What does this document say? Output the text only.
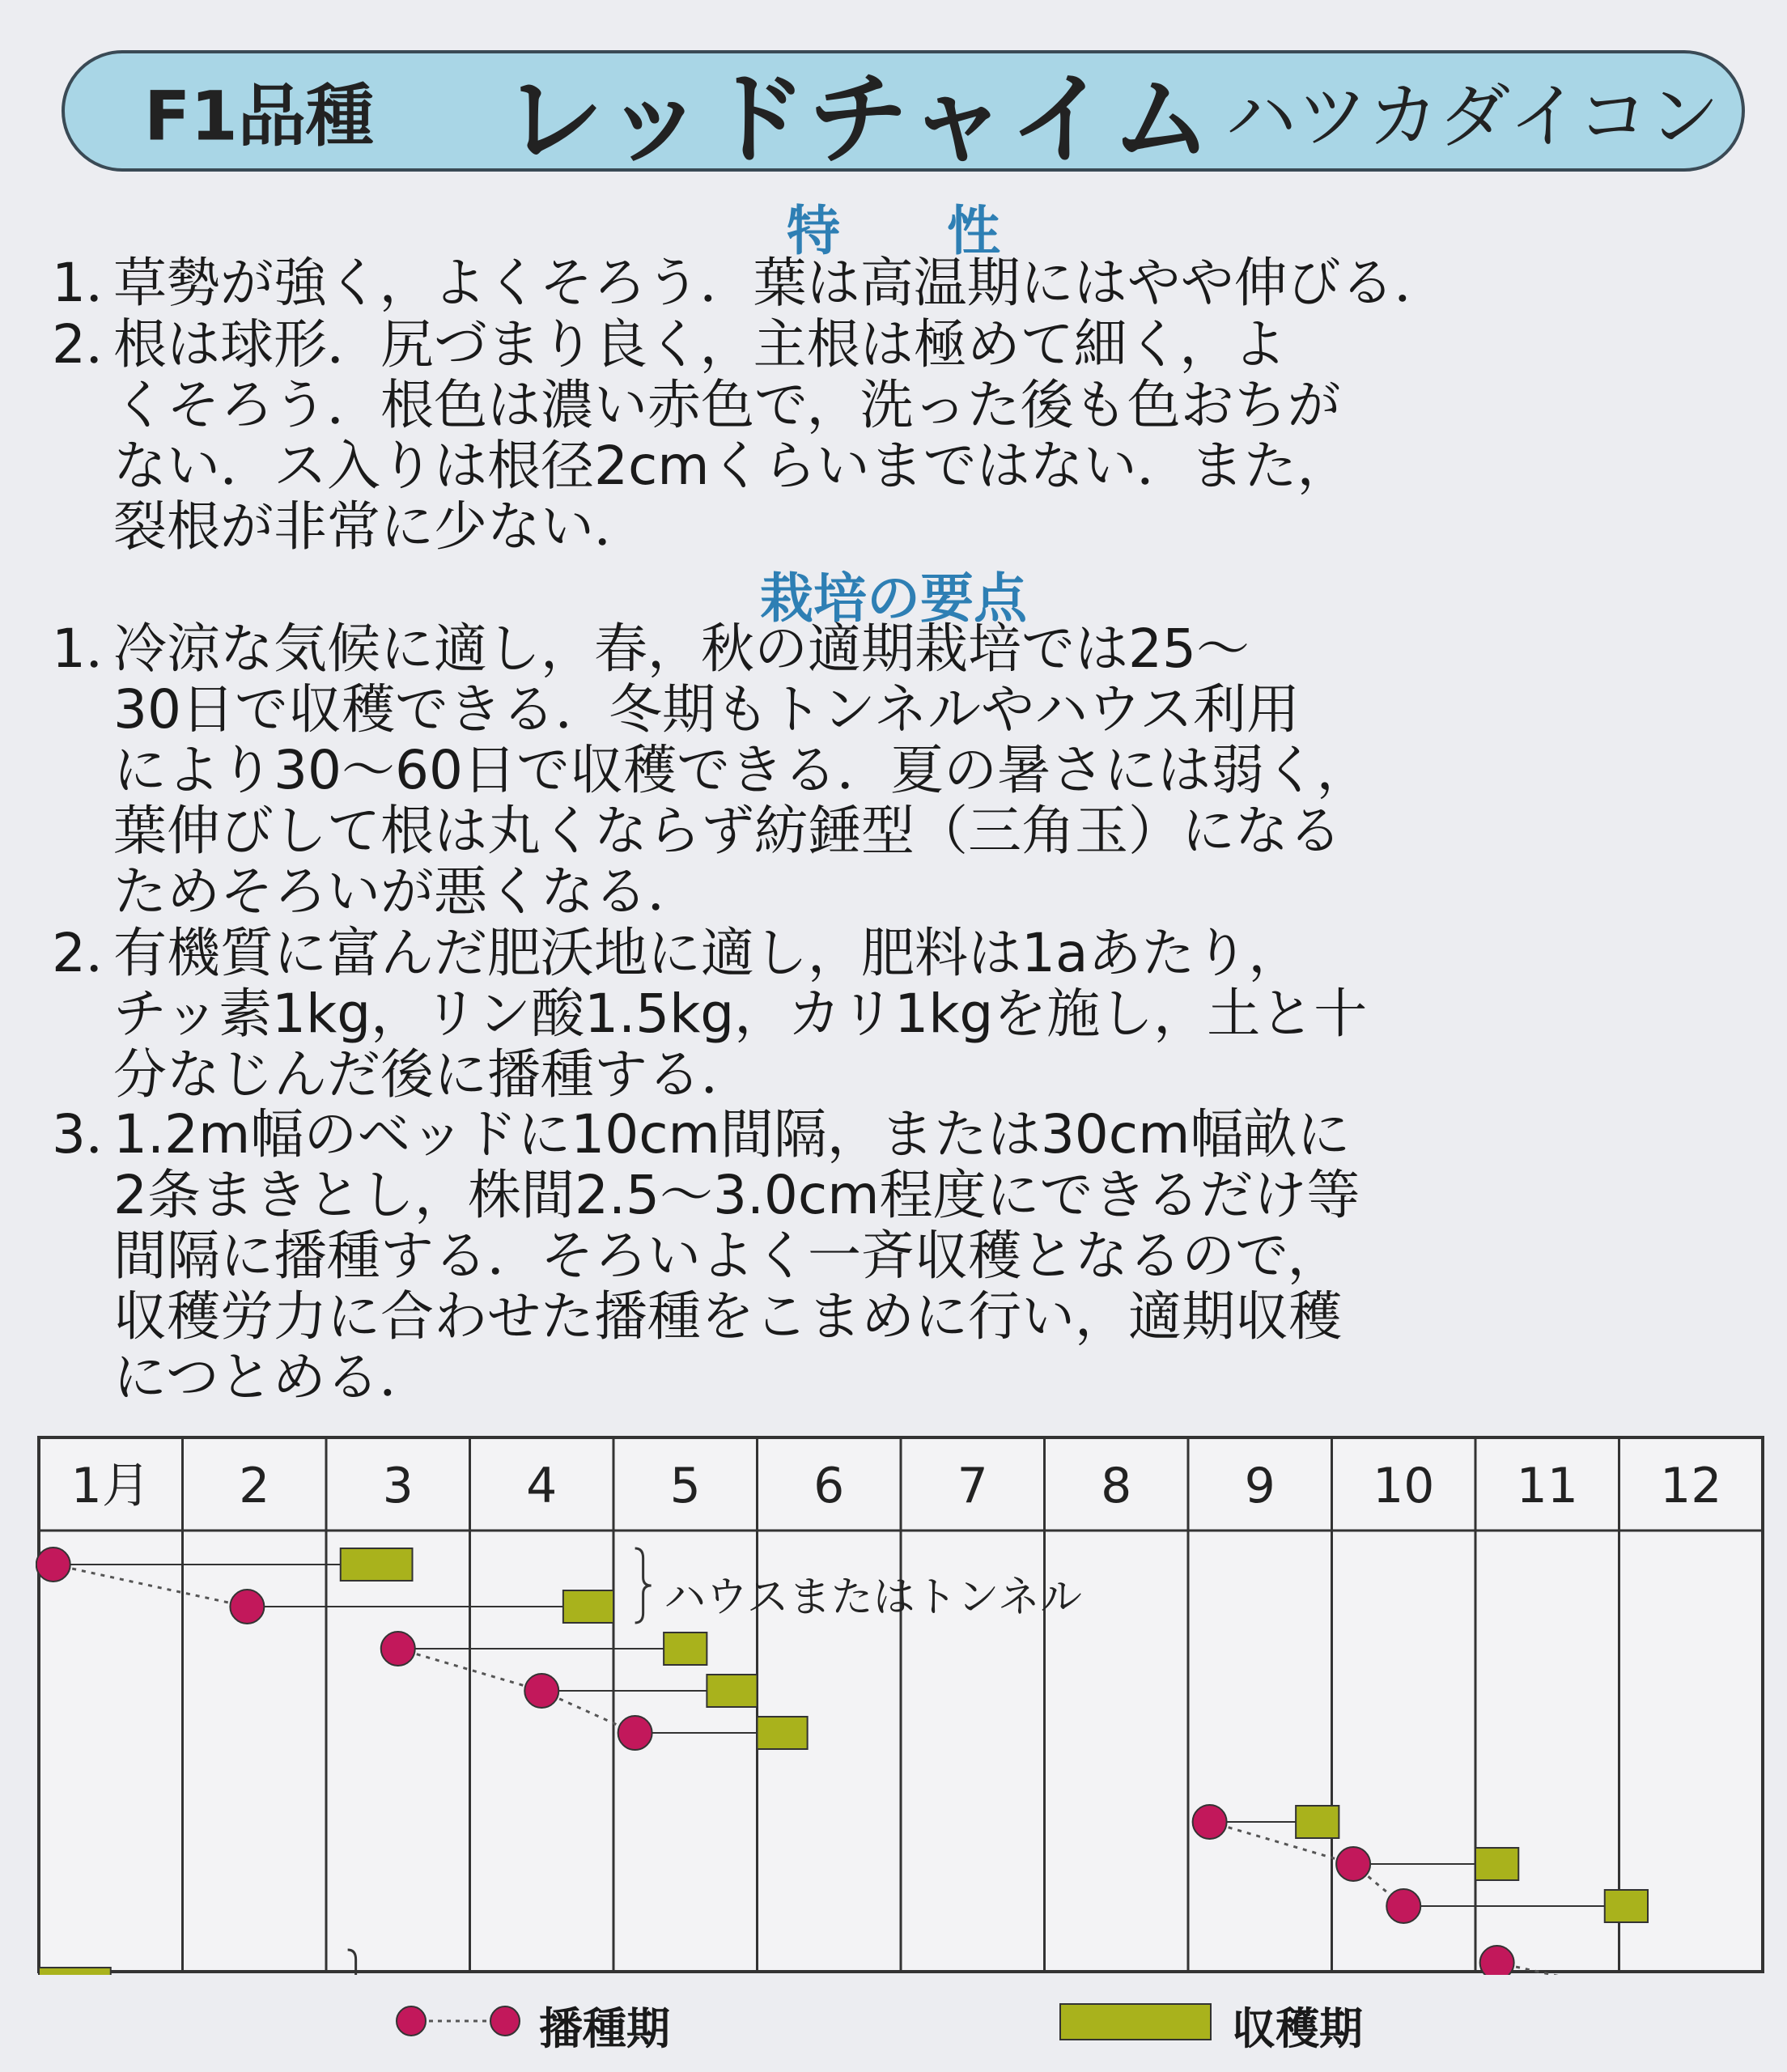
F1品種 レッドチャイム ハツカダイコン
特　　性
1．
草勢が強く，よくそろう．葉は高温期にはやや伸びる．
2．
根は球形．尻づまり良く，主根は極めて細く，よ
くそろう．根色は濃い赤色で，洗った後も色おちが
ない．ス入りは根径2cmくらいまではない．また，
裂根が非常に少ない．
栽培の要点
1．
冷涼な気候に適し，春，秋の適期栽培では25～
30日で収穫できる．冬期もトンネルやハウス利用
により30～60日で収穫できる．夏の暑さには弱く，
葉伸びして根は丸くならず紡錘型（三角玉）になる
ためそろいが悪くなる．
2．
有機質に富んだ肥沃地に適し，肥料は1aあたり，
チッ素1kg，リン酸1.5kg，カリ1kgを施し，土と十
分なじんだ後に播種する．
3．
1.2m幅のベッドに10cm間隔，または30cm幅畝に
2条まきとし，株間2.5～3.0cm程度にできるだけ等
間隔に播種する．そろいよく一斉収穫となるので，
収穫労力に合わせた播種をこまめに行い，適期収穫
につとめる．
1月 2 3 4 5 6 7 8 9 10 11 12
ハウスまたはトンネル
播種期	収穫期
